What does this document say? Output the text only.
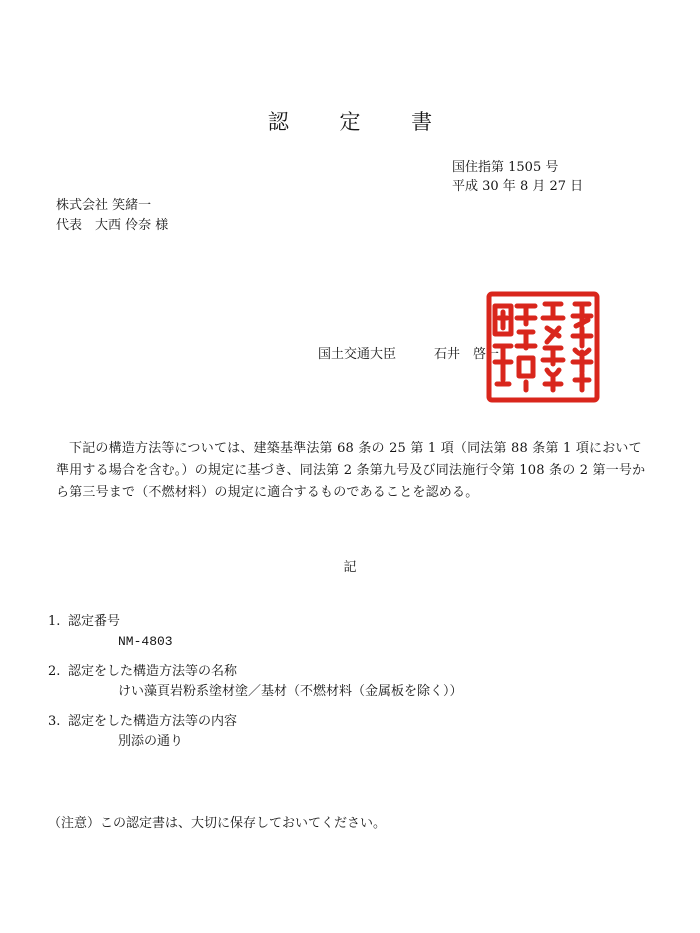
認 定 書
国住指第 1505 号
平成 30 年 8 月 27 日
株式会社 笑緒一
代表　大西 伶奈 様
国土交通大臣	石井　啓一
下記の構造方法等については、建築基準法第 68 条の 25 第 1 項（同法第 88 条第 1 項において準用する場合を含む。）の規定に基づき、同法第 2 条第九号及び同法施行令第 108 条の 2 第一号から第三号まで（不燃材料）の規定に適合するものであることを認める。
記
1. 認定番号
NM-4803
2. 認定をした構造方法等の名称
けい藻頁岩粉系塗材塗／基材（不燃材料（金属板を除く））
3. 認定をした構造方法等の内容
別添の通り
（注意）この認定書は、大切に保存しておいてください。
